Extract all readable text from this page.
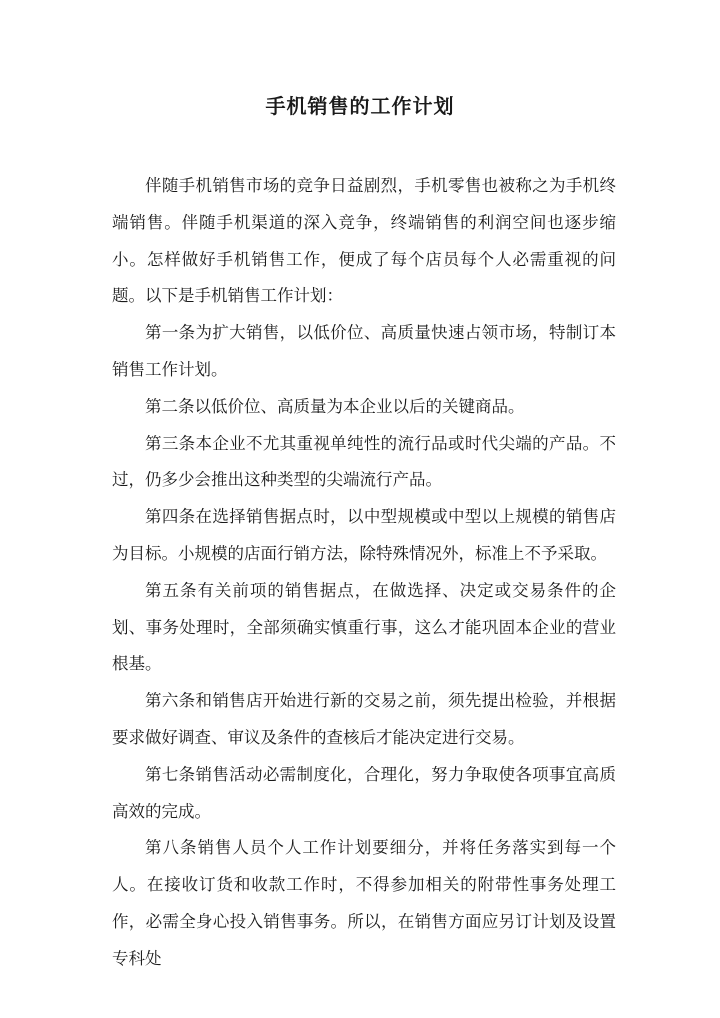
手机销售的工作计划

伴随手机销售市场的竞争日益剧烈，手机零售也被称之为手机终端销售。伴随手机渠道的深入竞争，终端销售的利润空间也逐步缩小。怎样做好手机销售工作，便成了每个店员每个人必需重视的问题。以下是手机销售工作计划：

第一条为扩大销售，以低价位、高质量快速占领市场，特制订本销售工作计划。

第二条以低价位、高质量为本企业以后的关键商品。

第三条本企业不尤其重视单纯性的流行品或时代尖端的产品。不过，仍多少会推出这种类型的尖端流行产品。

第四条在选择销售据点时，以中型规模或中型以上规模的销售店为目标。小规模的店面行销方法，除特殊情况外，标准上不予采取。

第五条有关前项的销售据点，在做选择、决定或交易条件的企划、事务处理时，全部须确实慎重行事，这么才能巩固本企业的营业根基。

第六条和销售店开始进行新的交易之前，须先提出检验，并根据要求做好调查、审议及条件的查核后才能决定进行交易。

第七条销售活动必需制度化，合理化，努力争取使各项事宜高质高效的完成。

第八条销售人员个人工作计划要细分，并将任务落实到每一个人。在接收订货和收款工作时，不得参加相关的附带性事务处理工作，必需全身心投入销售事务。所以，在销售方面应另订计划及设置专科处
